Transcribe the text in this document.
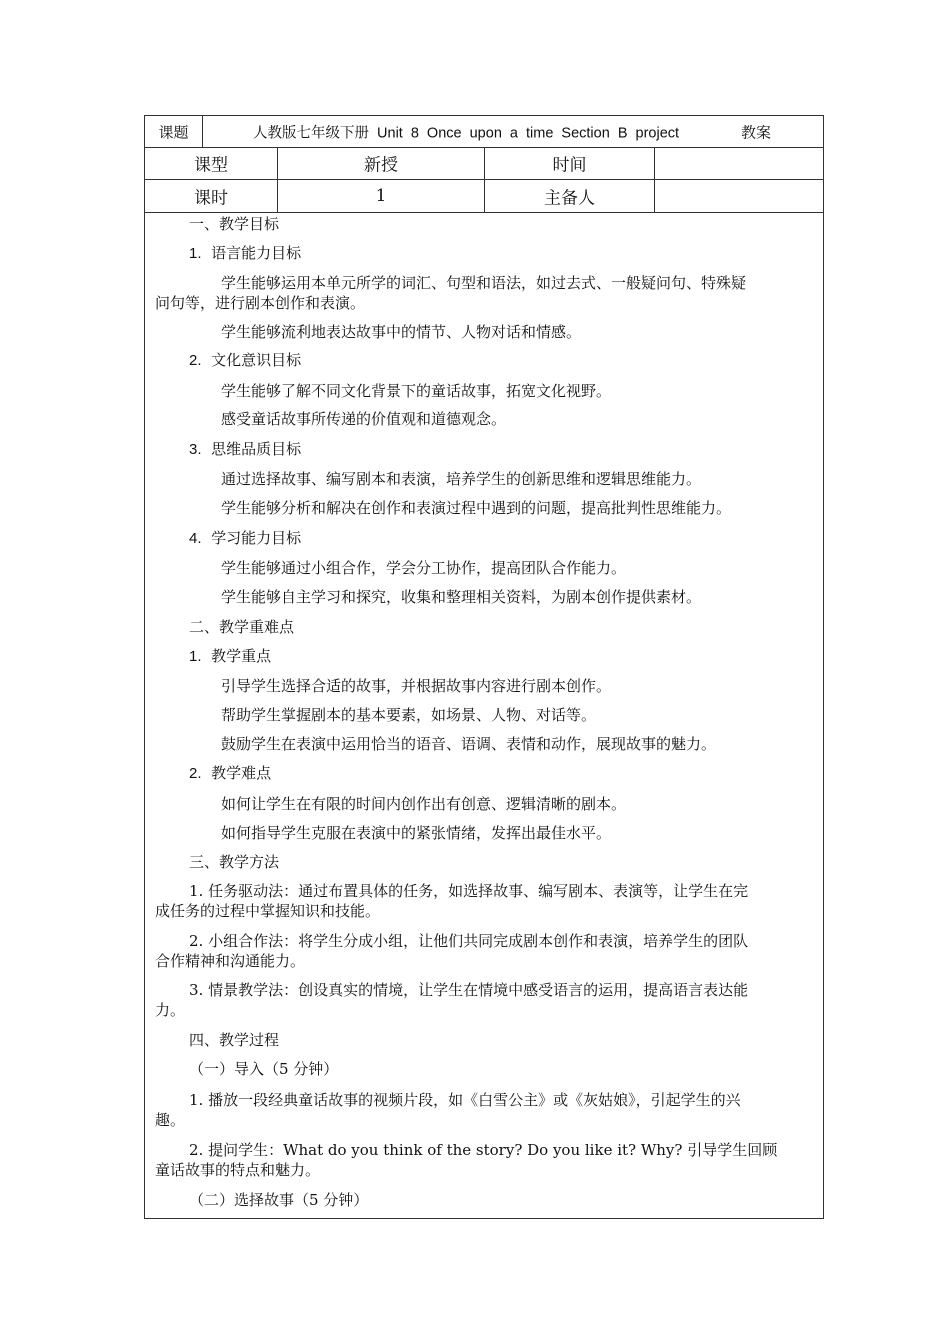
课题	人教版七年级下册 Unit 8 Once upon a time Section B project	教案
课型	新授	时间
课时	1	主备人
一、教学目标
1. 语言能力目标
学生能够运用本单元所学的词汇、句型和语法，如过去式、一般疑问句、特殊疑
问句等，进行剧本创作和表演。
学生能够流利地表达故事中的情节、人物对话和情感。
2. 文化意识目标
学生能够了解不同文化背景下的童话故事，拓宽文化视野。
感受童话故事所传递的价值观和道德观念。
3. 思维品质目标
通过选择故事、编写剧本和表演，培养学生的创新思维和逻辑思维能力。
学生能够分析和解决在创作和表演过程中遇到的问题，提高批判性思维能力。
4. 学习能力目标
学生能够通过小组合作，学会分工协作，提高团队合作能力。
学生能够自主学习和探究，收集和整理相关资料，为剧本创作提供素材。
二、教学重难点
1. 教学重点
引导学生选择合适的故事，并根据故事内容进行剧本创作。
帮助学生掌握剧本的基本要素，如场景、人物、对话等。
鼓励学生在表演中运用恰当的语音、语调、表情和动作，展现故事的魅力。
2. 教学难点
如何让学生在有限的时间内创作出有创意、逻辑清晰的剧本。
如何指导学生克服在表演中的紧张情绪，发挥出最佳水平。
三、教学方法
1. 任务驱动法：通过布置具体的任务，如选择故事、编写剧本、表演等，让学生在完
成任务的过程中掌握知识和技能。
2. 小组合作法：将学生分成小组，让他们共同完成剧本创作和表演，培养学生的团队
合作精神和沟通能力。
3. 情景教学法：创设真实的情境，让学生在情境中感受语言的运用，提高语言表达能
力。
四、教学过程
（一）导入（5 分钟）
1. 播放一段经典童话故事的视频片段，如《白雪公主》或《灰姑娘》，引起学生的兴
趣。
2. 提问学生：What do you think of the story? Do you like it? Why? 引导学生回顾
童话故事的特点和魅力。
（二）选择故事（5 分钟）
